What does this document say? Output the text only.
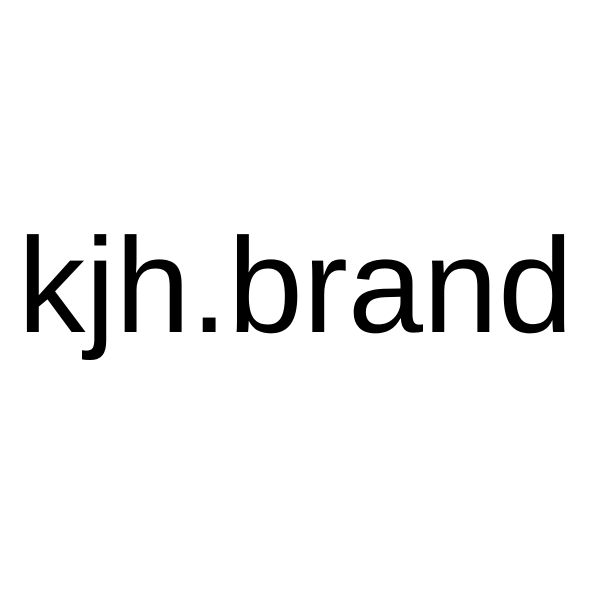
kjh.brand
